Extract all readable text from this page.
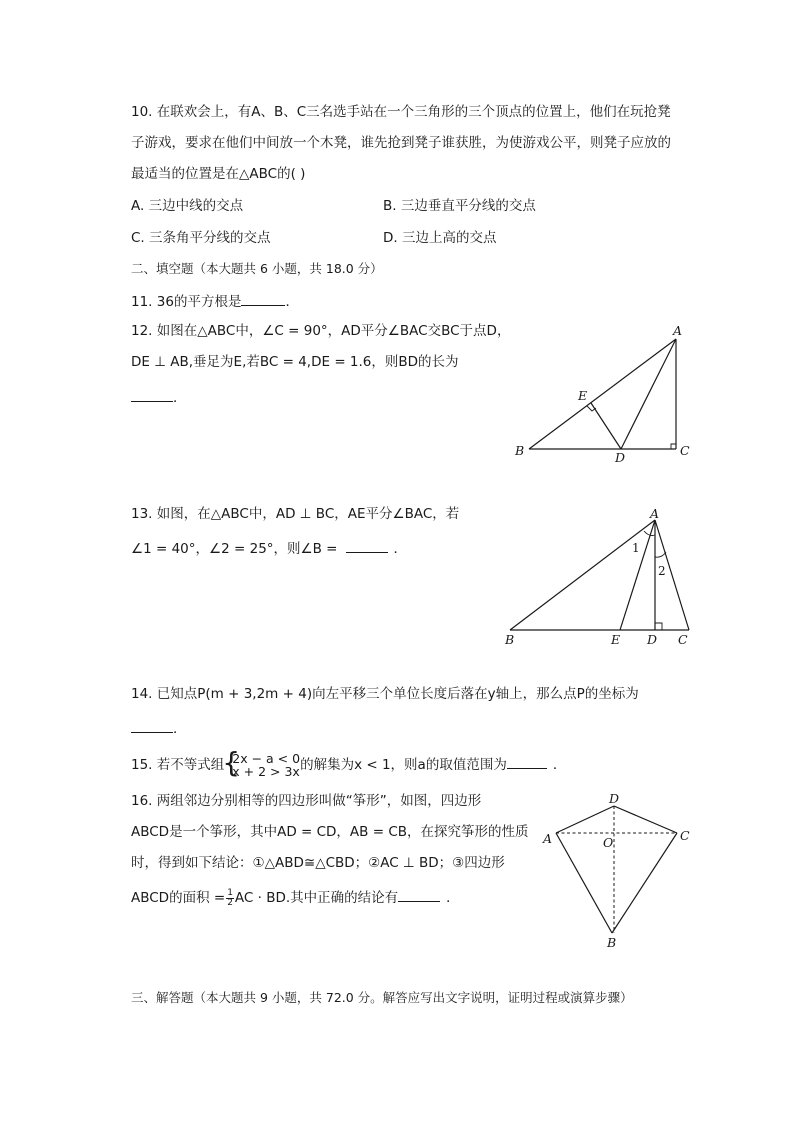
10. 在联欢会上，有A、B、C三名选手站在一个三角形的三个顶点的位置上，他们在玩抢凳
子游戏，要求在他们中间放一个木凳，谁先抢到凳子谁获胜，为使游戏公平，则凳子应放的
最适当的位置是在△ABC的( )
A. 三边中线的交点	B. 三边垂直平分线的交点
C. 三条角平分线的交点	D. 三边上高的交点
二、填空题（本大题共 6 小题，共 18.0 分）
11. 36的平方根是	．
12. 如图在△ABC中，∠C = 90°，AD平分∠BAC交BC于点D，
DE ⊥ AB,垂足为E,若BC = 4,DE = 1.6，则BD的长为
．
A
E
B	D	C
13. 如图，在△ABC中，AD ⊥ BC，AE平分∠BAC，若
∠1 = 40°，∠2 = 25°，则∠B =	．
A
1
2
B	E D C
14. 已知点P(m + 3,2m + 4)向左平移三个单位长度后落在y轴上，那么点P的坐标为
．
15. 若不等式组
{ 2x − a < 0
x + 2 > 3x 的解集为x < 1，则a的取值范围为	．
16. 两组邻边分别相等的四边形叫做“筝形”，如图，四边形
ABCD是一个筝形，其中AD = CD，AB = CB，在探究筝形的性质
时，得到如下结论：①△ABD≅△CBD；②AC ⊥ BD；③四边形
ABCD的面积 = $\frac{1}{2}$ AC · BD.其中正确的结论有	．
D
A	C
O
B
三、解答题（本大题共 9 小题，共 72.0 分。解答应写出文字说明，证明过程或演算步骤）
